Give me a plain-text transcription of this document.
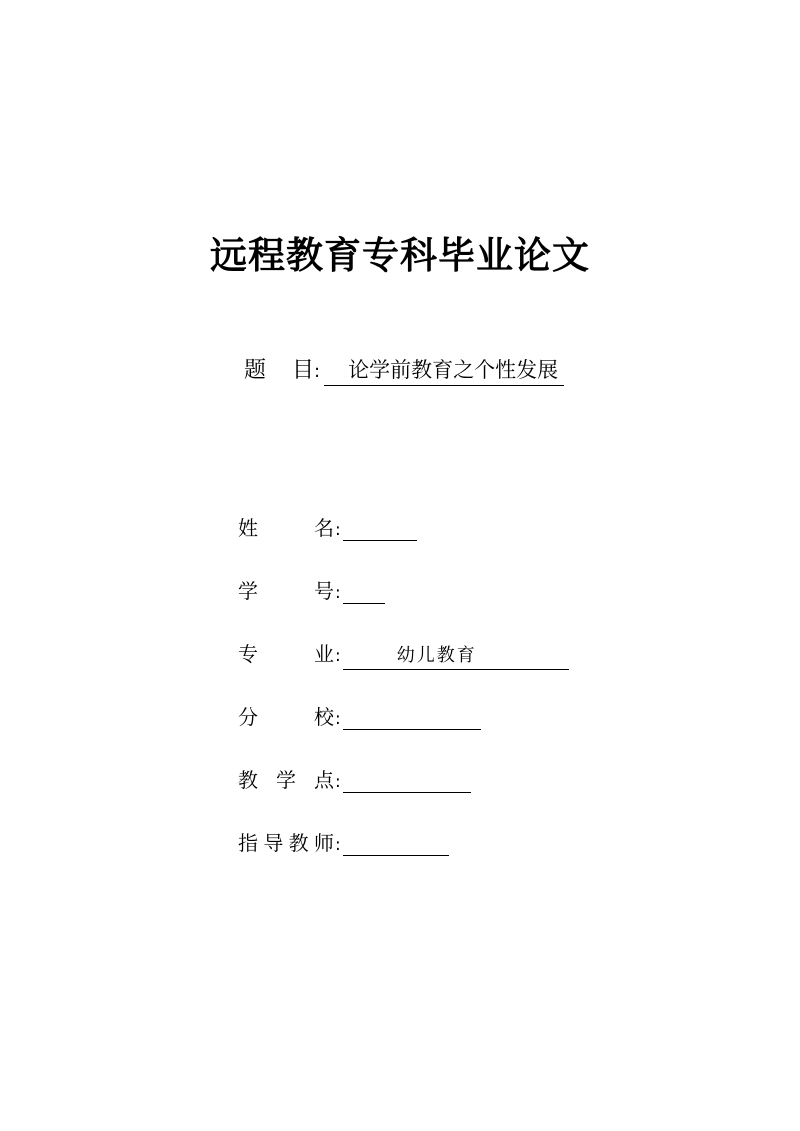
远程教育专科毕业论文
题 目: 论学前教育之个性发展
姓 名:
学 号:
专 业:	幼儿教育
分 校:
教 学 点:
指导教师:
